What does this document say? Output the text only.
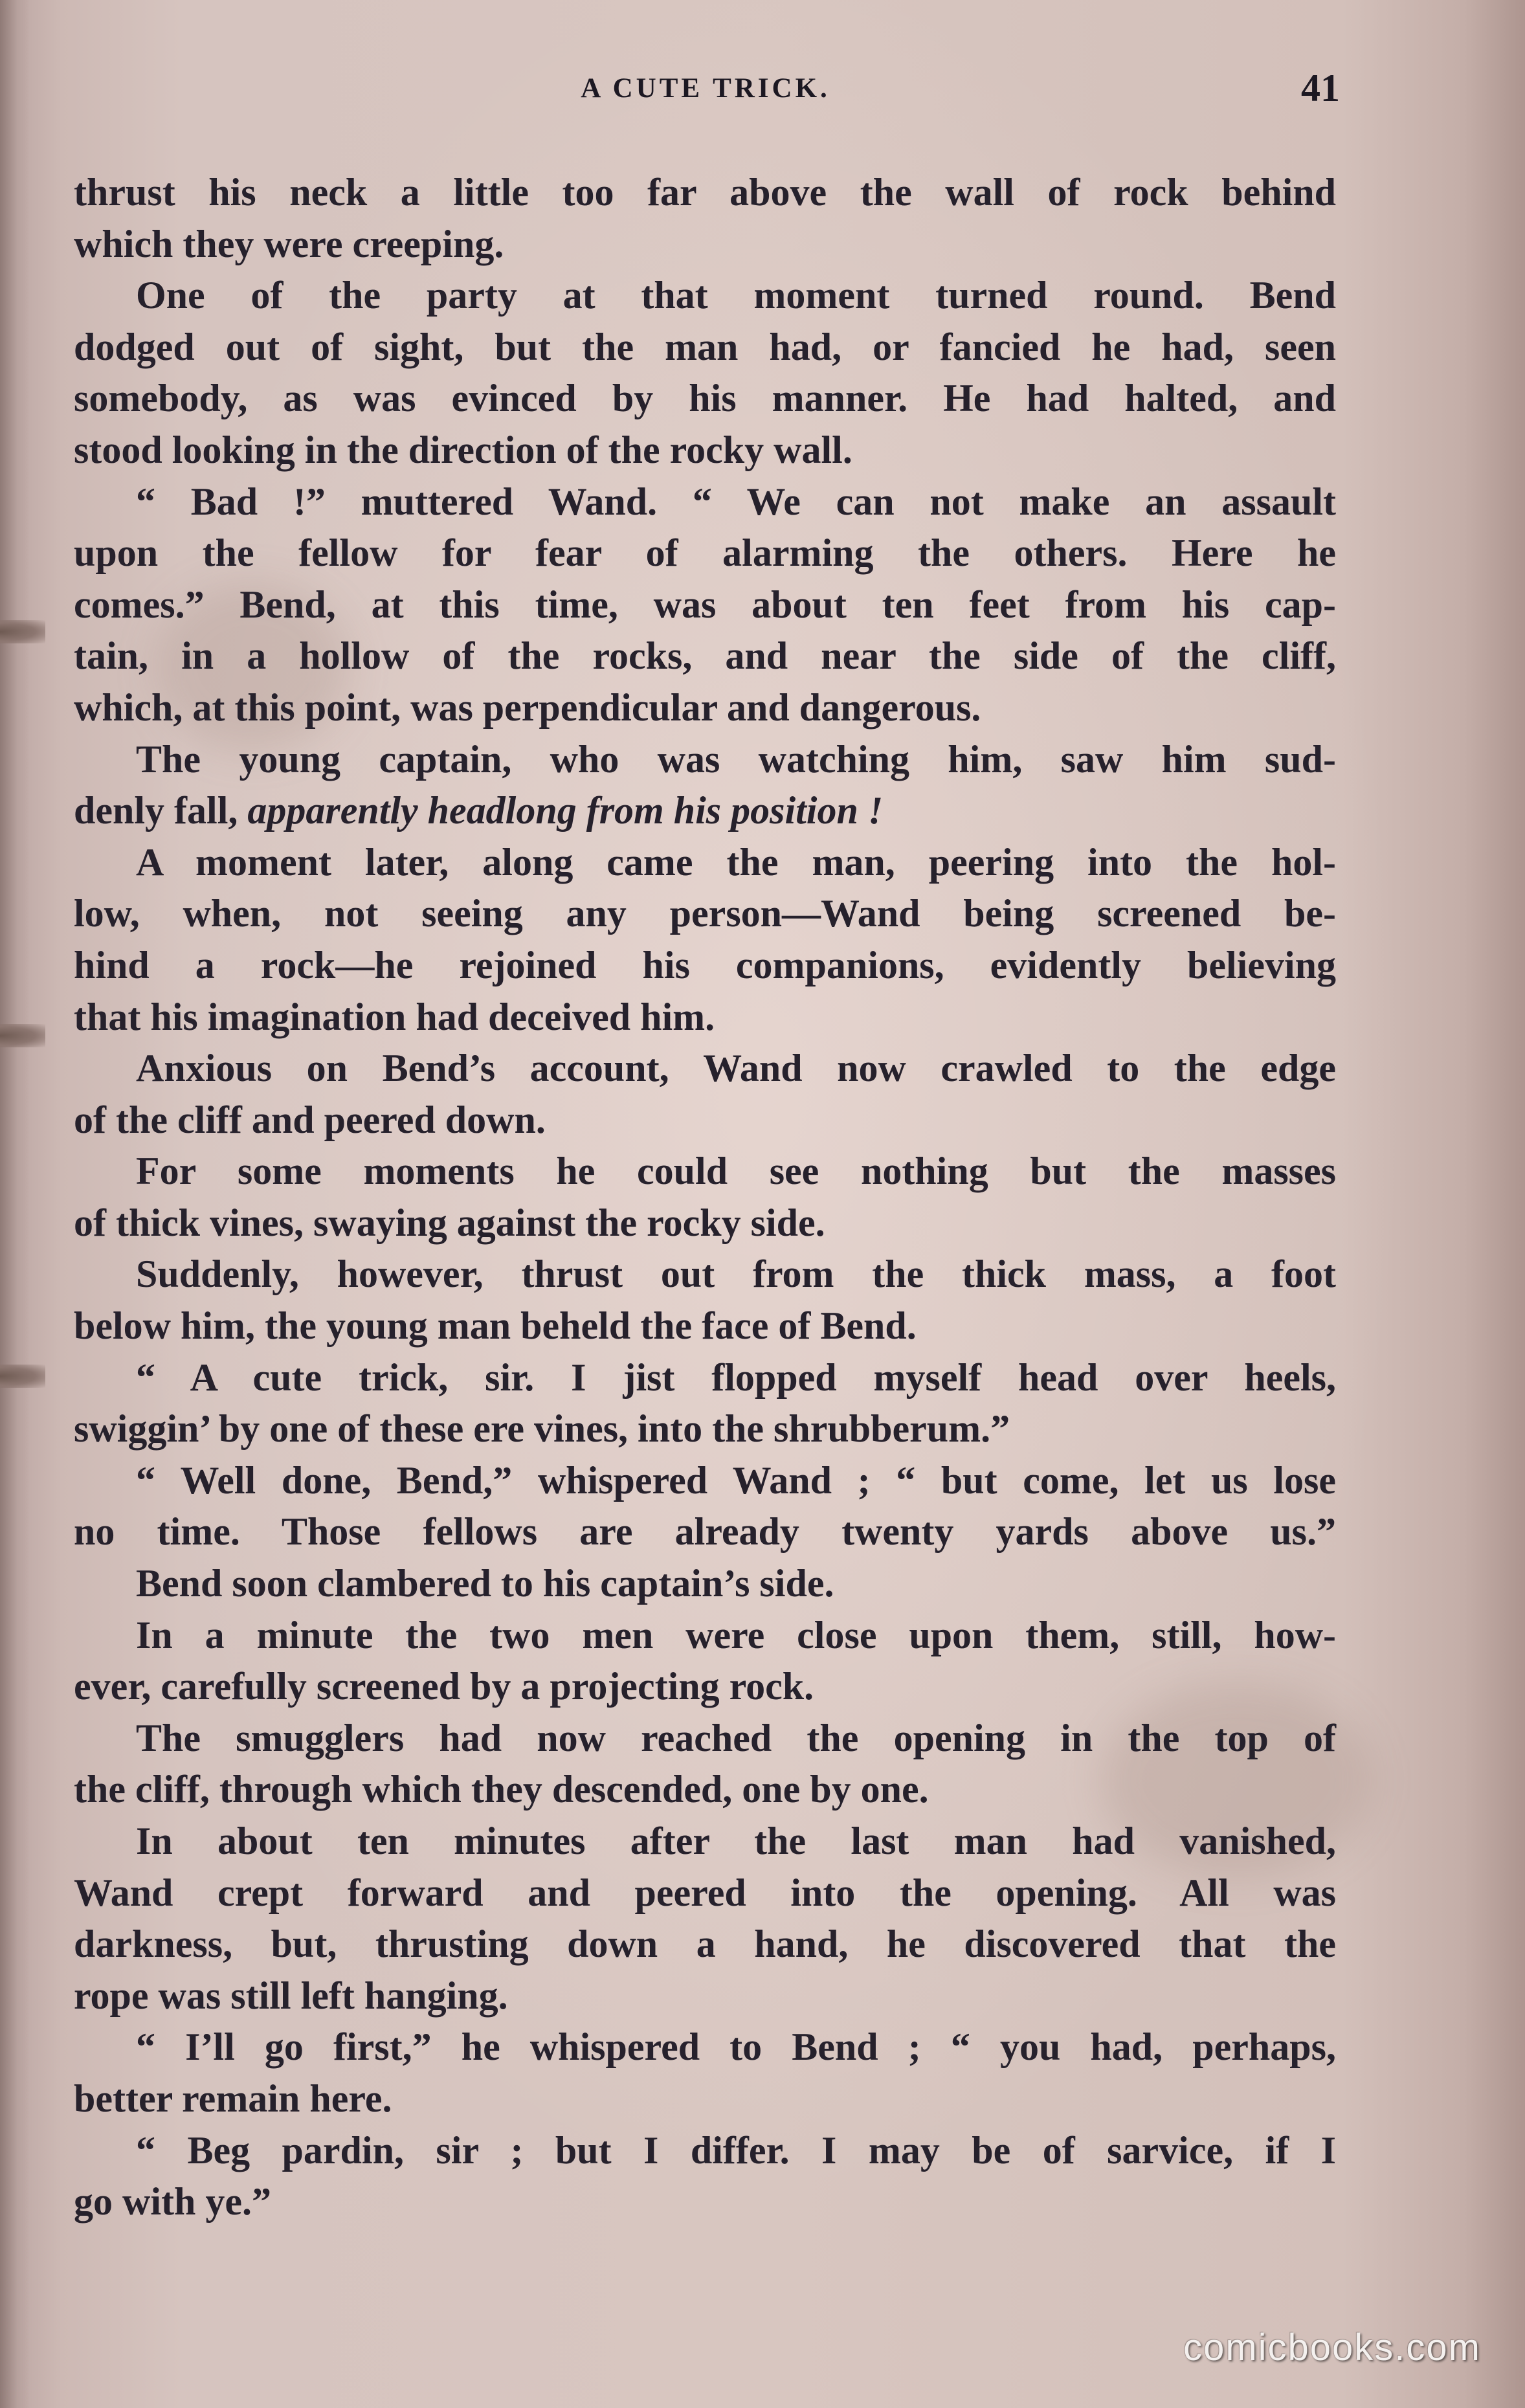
A CUTE TRICK.	41
thrust his neck a little too far above the wall of rock behind
which they were creeping.
One of the party at that moment turned round. Bend
dodged out of sight, but the man had, or fancied he had, seen
somebody, as was evinced by his manner. He had halted, and
stood looking in the direction of the rocky wall.
“ Bad !” muttered Wand. “ We can not make an assault
upon the fellow for fear of alarming the others. Here he
comes.” Bend, at this time, was about ten feet from his cap-
tain, in a hollow of the rocks, and near the side of the cliff,
which, at this point, was perpendicular and dangerous.
The young captain, who was watching him, saw him sud-
denly fall, apparently headlong from his position !
A moment later, along came the man, peering into the hol-
low, when, not seeing any person—Wand being screened be-
hind a rock—he rejoined his companions, evidently believing
that his imagination had deceived him.
Anxious on Bend’s account, Wand now crawled to the edge
of the cliff and peered down.
For some moments he could see nothing but the masses
of thick vines, swaying against the rocky side.
Suddenly, however, thrust out from the thick mass, a foot
below him, the young man beheld the face of Bend.
“ A cute trick, sir. I jist flopped myself head over heels,
swiggin’ by one of these ere vines, into the shrubberum.”
“ Well done, Bend,” whispered Wand ; “ but come, let us lose
no time. Those fellows are already twenty yards above us.”
Bend soon clambered to his captain’s side.
In a minute the two men were close upon them, still, how-
ever, carefully screened by a projecting rock.
The smugglers had now reached the opening in the top of
the cliff, through which they descended, one by one.
In about ten minutes after the last man had vanished,
Wand crept forward and peered into the opening. All was
darkness, but, thrusting down a hand, he discovered that the
rope was still left hanging.
“ I’ll go first,” he whispered to Bend ; “ you had, perhaps,
better remain here.
“ Beg pardin, sir ; but I differ. I may be of sarvice, if I
go with ye.”
comicbooks.com
